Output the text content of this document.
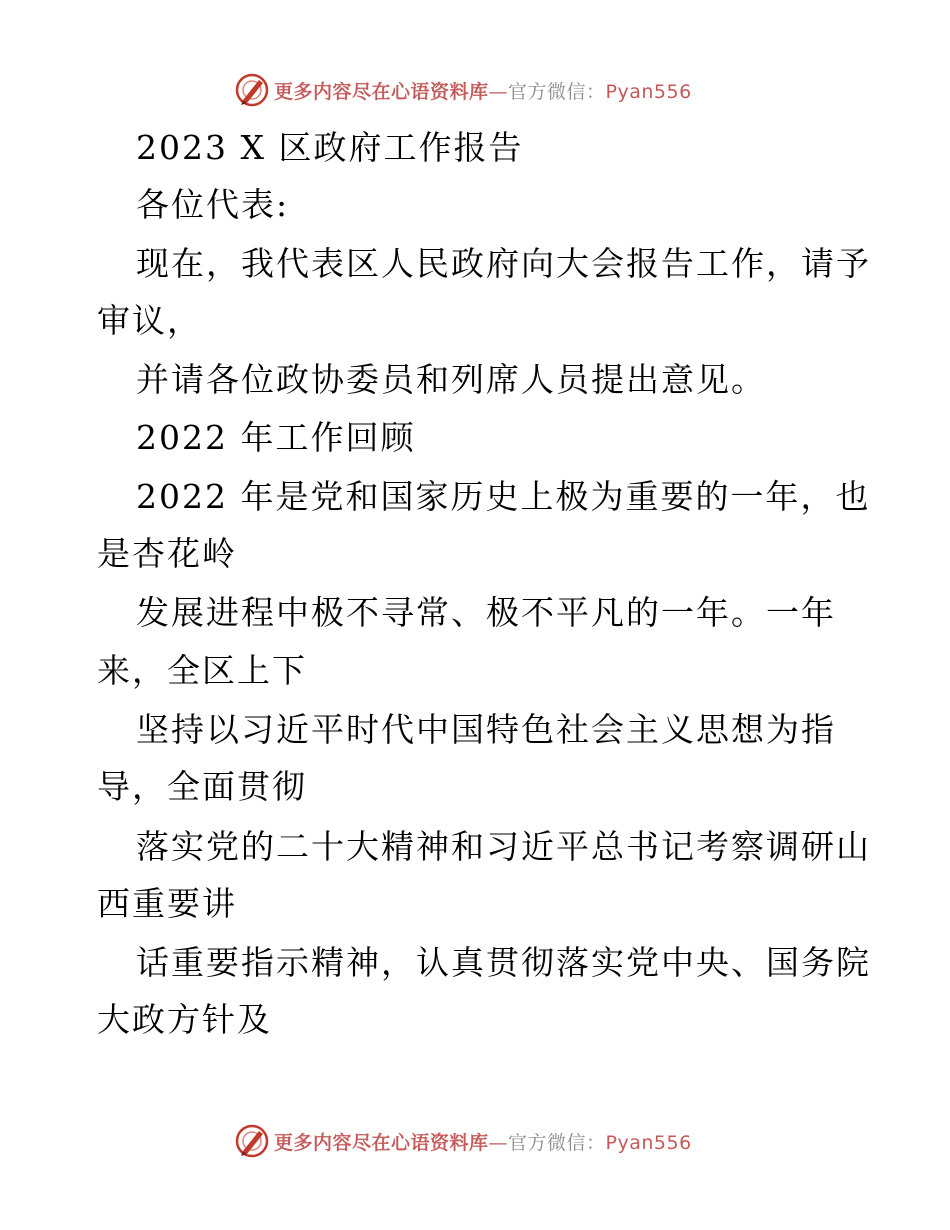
更多内容尽在心语资料库—官方微信：Pyan556
2023 X 区政府工作报告
各位代表:
现在，我代表区人民政府向大会报告工作，请予
审议，
并请各位政协委员和列席人员提出意见。
2022 年工作回顾
2022 年是党和国家历史上极为重要的一年，也
是杏花岭
发展进程中极不寻常、极不平凡的一年。一年
来，全区上下
坚持以习近平时代中国特色社会主义思想为指
导，全面贯彻
落实党的二十大精神和习近平总书记考察调研山
西重要讲
话重要指示精神，认真贯彻落实党中央、国务院
大政方针及
更多内容尽在心语资料库—官方微信：Pyan556
